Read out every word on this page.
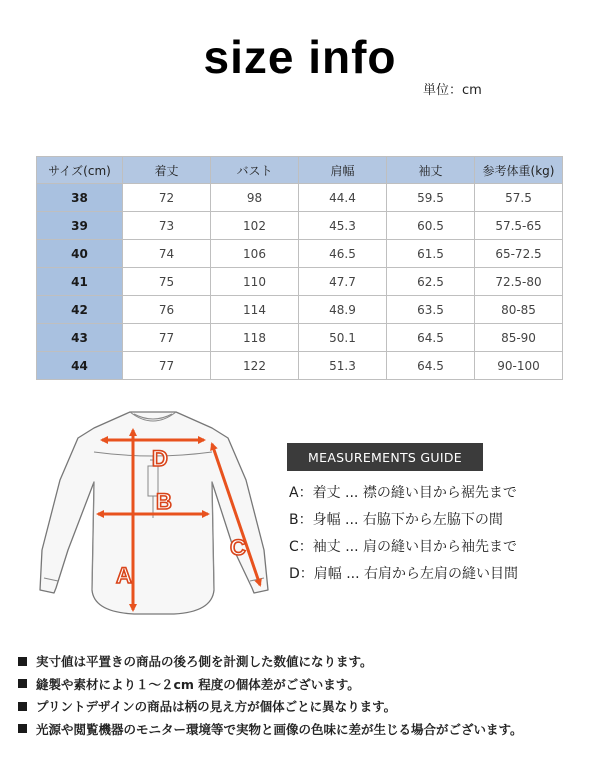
size info
単位：cm
サイズ(cm)	着丈	バスト	肩幅	袖丈	参考体重(kg)
38	72	98	44.4	59.5	57.5
39	73	102	45.3	60.5	57.5-65
40	74	106	46.5	61.5	65-72.5
41	75	110	47.7	62.5	72.5-80
42	76	114	48.9	63.5	80-85
43	77	118	50.1	64.5	85-90
44	77	122	51.3	64.5	90-100
D
B
A
C
MEASUREMENTS GUIDE
A：着丈 ... 襟の縫い目から裾先まで
B：身幅 ... 右脇下から左脇下の間
C：袖丈 ... 肩の縫い目から袖先まで
D：肩幅 ... 右肩から左肩の縫い目間
実寸値は平置きの商品の後ろ側を計測した数値になります。
縫製や素材により１～２cm 程度の個体差がございます。
プリントデザインの商品は柄の見え方が個体ごとに異なります。
光源や閲覧機器のモニター環境等で実物と画像の色味に差が生じる場合がございます。
